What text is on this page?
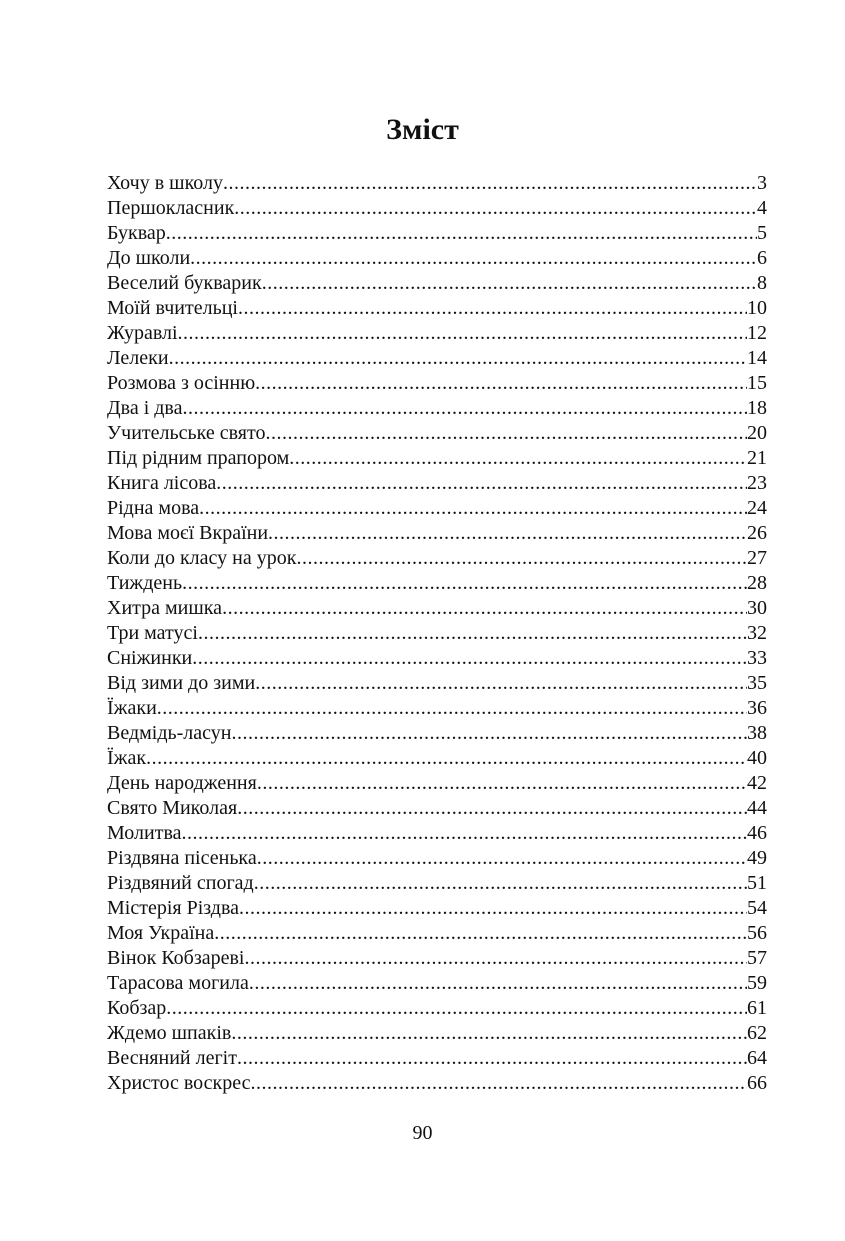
Зміст
Хочу в школу .....	3
Першокласник .....	4
Буквар .....	5
До школи .....	6
Веселий букварик .....	8
Моїй вчительці .....	10
Журавлі .....	12
Лелеки .....	14
Розмова з осінню .....	15
Два і два .....	18
Учительське свято .....	20
Під рідним прапором .....	21
Книга лісова .....	23
Рідна мова .....	24
Мова моєї Вкраїни .....	26
Коли до класу на урок .....	27
Тиждень .....	28
Хитра мишка .....	30
Три матусі .....	32
Сніжинки .....	33
Від зими до зими .....	35
Їжаки .....	36
Ведмідь-ласун .....	38
Їжак .....	40
День народження .....	42
Свято Миколая .....	44
Молитва .....	46
Різдвяна пісенька .....	49
Різдвяний спогад .....	51
Містерія Різдва .....	54
Моя Україна .....	56
Вінок Кобзареві .....	57
Тарасова могила .....	59
Кобзар .....	61
Ждемо шпаків .....	62
Весняний легіт .....	64
Христос воскрес .....	66
90
